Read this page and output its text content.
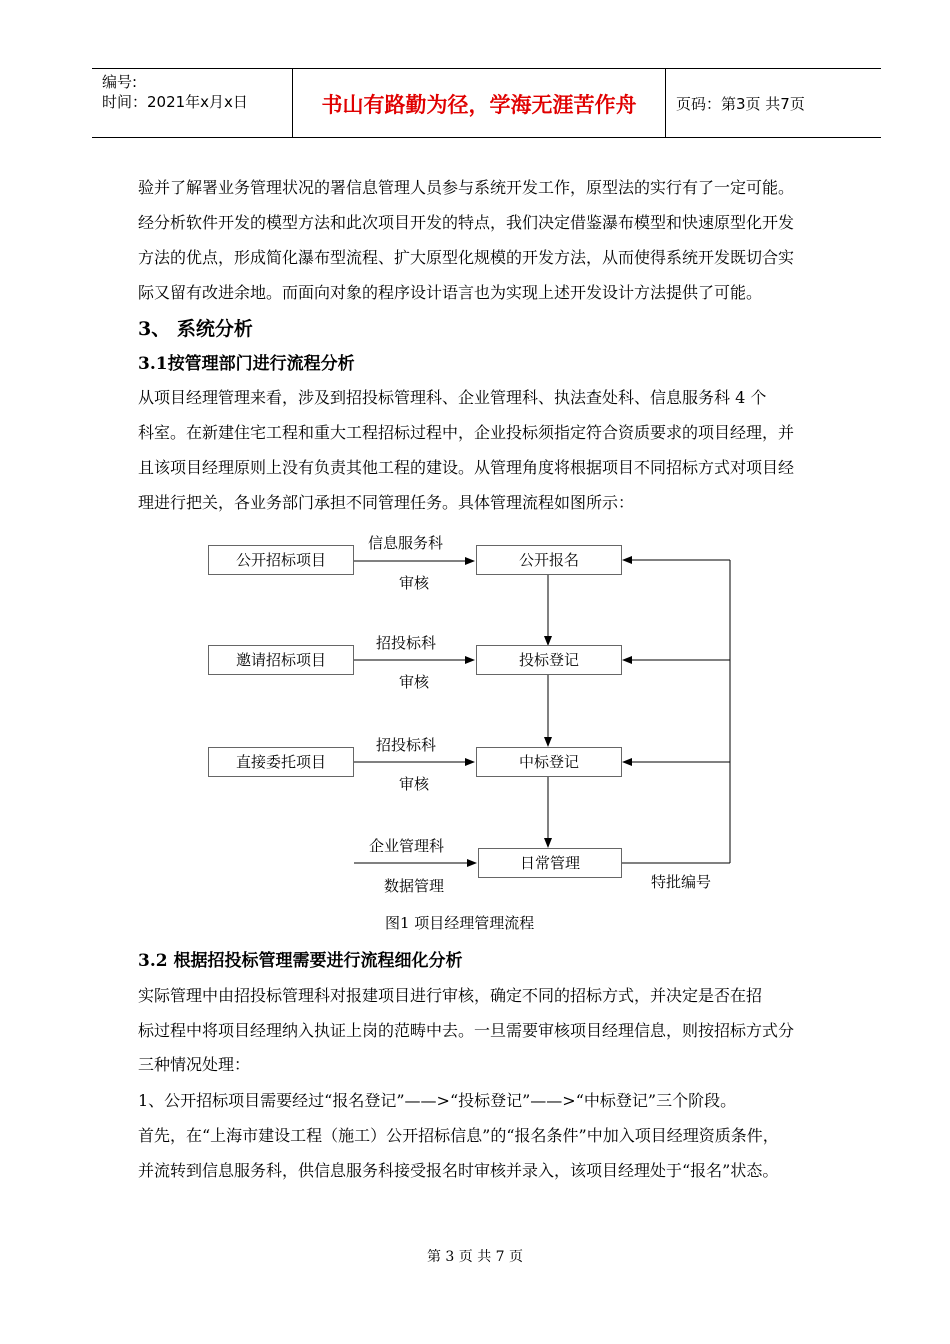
编号:
时间：2021年x月x日	书山有路勤为径，学海无涯苦作舟	页码：第3页 共7页
验并了解署业务管理状况的署信息管理人员参与系统开发工作，原型法的实行有了一定可能。
经分析软件开发的模型方法和此次项目开发的特点，我们决定借鉴瀑布模型和快速原型化开发
方法的优点，形成简化瀑布型流程、扩大原型化规模的开发方法，从而使得系统开发既切合实
际又留有改进余地。而面向对象的程序设计语言也为实现上述开发设计方法提供了可能。
3、 系统分析
3.1按管理部门进行流程分析
从项目经理管理来看，涉及到招投标管理科、企业管理科、执法查处科、信息服务科 4 个
科室。在新建住宅工程和重大工程招标过程中，企业投标须指定符合资质要求的项目经理，并
且该项目经理原则上没有负责其他工程的建设。从管理角度将根据项目不同招标方式对项目经
理进行把关，各业务部门承担不同管理任务。具体管理流程如图所示：
公开招标项目
邀请招标项目
直接委托项目
公开报名
投标登记
中标登记
日常管理
信息服务科
审核
招投标科
审核
招投标科
审核
企业管理科
数据管理	特批编号
图1 项目经理管理流程
3.2 根据招投标管理需要进行流程细化分析
实际管理中由招投标管理科对报建项目进行审核，确定不同的招标方式，并决定是否在招
标过程中将项目经理纳入执证上岗的范畴中去。一旦需要审核项目经理信息，则按招标方式分
三种情况处理：
1、公开招标项目需要经过“报名登记”——>“投标登记”——>“中标登记”三个阶段。
首先，在“上海市建设工程（施工）公开招标信息”的“报名条件”中加入项目经理资质条件，
并流转到信息服务科，供信息服务科接受报名时审核并录入，该项目经理处于“报名”状态。
第 3 页 共 7 页
